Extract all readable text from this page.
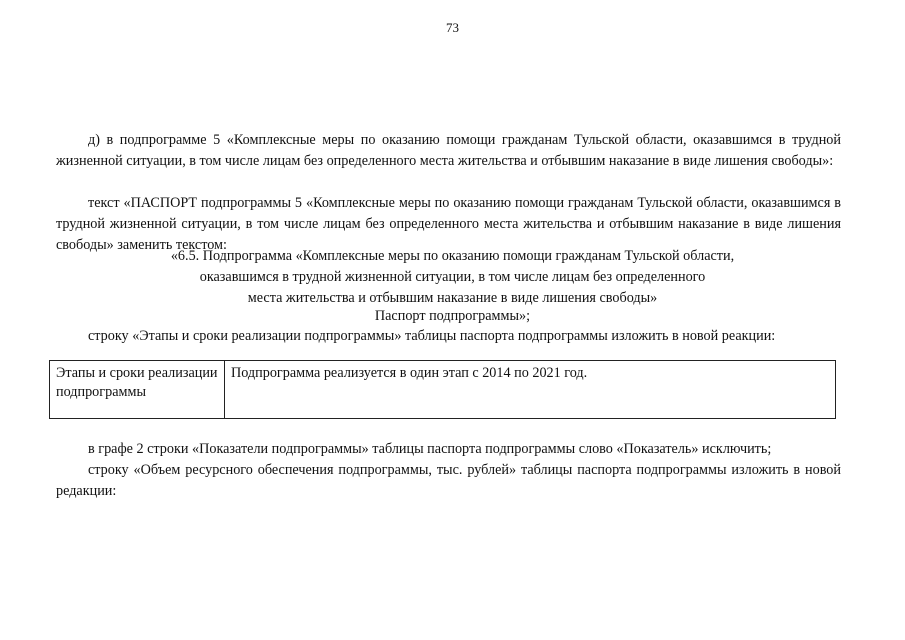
73

д) в подпрограмме 5 «Комплексные меры по оказанию помощи гражданам Тульской области, оказавшимся в трудной жизненной ситуации, в том числе лицам без определенного места жительства и отбывшим наказание в виде лишения свободы»:

текст «ПАСПОРТ подпрограммы 5 «Комплексные меры по оказанию помощи гражданам Тульской области, оказавшимся в трудной жизненной ситуации, в том числе лицам без определенного места жительства и отбывшим наказание в виде лишения свободы» заменить текстом:

«6.5. Подпрограмма «Комплексные меры по оказанию помощи гражданам Тульской области,

оказавшимся в трудной жизненной ситуации, в том числе лицам без определенного

места жительства и отбывшим наказание в виде лишения свободы»

Паспорт подпрограммы»;

строку «Этапы и сроки реализации подпрограммы» таблицы паспорта подпрограммы изложить в новой реакции:

Этапы и сроки реализации подпрограммы	Подпрограмма реализуется в один этап с 2014 по 2021 год.

в графе 2 строки «Показатели подпрограммы» таблицы паспорта подпрограммы слово «Показатель» исключить;

строку «Объем ресурсного обеспечения подпрограммы, тыс. рублей» таблицы паспорта подпрограммы изложить в новой редакции:
